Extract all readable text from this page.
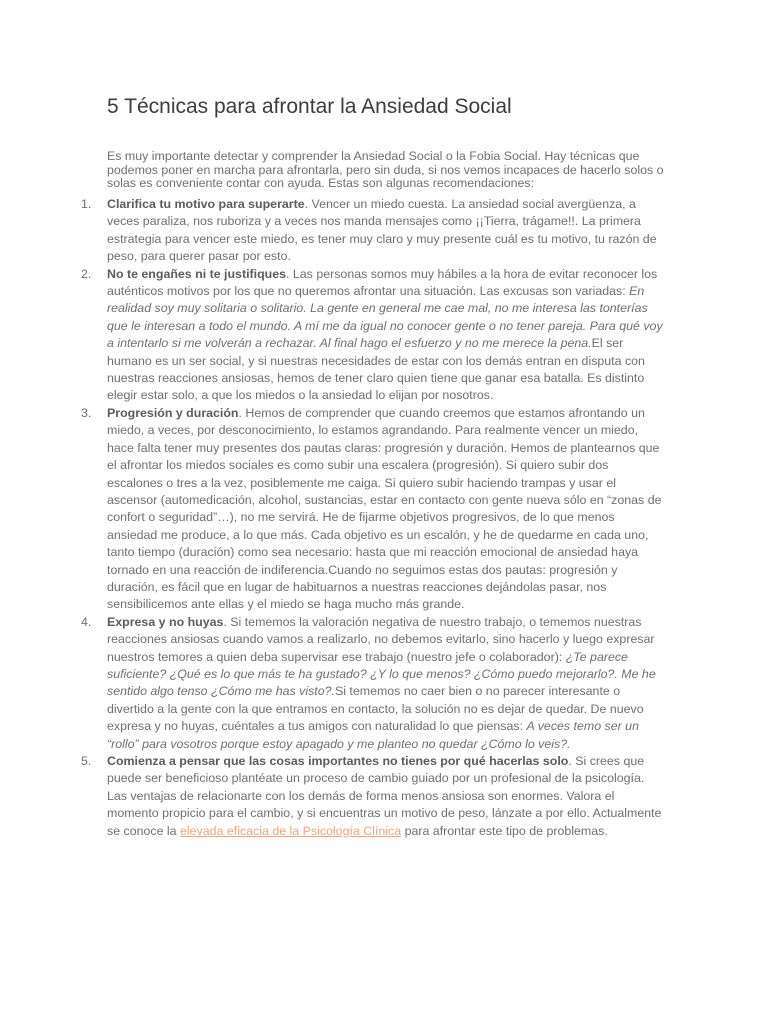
5 Técnicas para afrontar la Ansiedad Social

Es muy importante detectar y comprender la Ansiedad Social o la Fobia Social. Hay técnicas que podemos poner en marcha para afrontarla, pero sin duda, si nos vemos incapaces de hacerlo solos o solas es conveniente contar con ayuda. Estas son algunas recomendaciones:

1. Clarifica tu motivo para superarte. Vencer un miedo cuesta. La ansiedad social avergüenza, a veces paraliza, nos ruboriza y a veces nos manda mensajes como ¡¡Tierra, trágame!!. La primera estrategia para vencer este miedo, es tener muy claro y muy presente cuál es tu motivo, tu razón de peso, para querer pasar por esto.
2. No te engañes ni te justifiques. Las personas somos muy hábiles a la hora de evitar reconocer los auténticos motivos por los que no queremos afrontar una situación. Las excusas son variadas: En realidad soy muy solitaria o solitario. La gente en general me cae mal, no me interesa las tonterías que le interesan a todo el mundo. A mí me da igual no conocer gente o no tener pareja. Para qué voy a intentarlo si me volverán a rechazar. Al final hago el esfuerzo y no me merece la pena.El ser humano es un ser social, y si nuestras necesidades de estar con los demás entran en disputa con nuestras reacciones ansiosas, hemos de tener claro quien tiene que ganar esa batalla. Es distinto elegir estar solo, a que los miedos o la ansiedad lo elijan por nosotros.
3. Progresión y duración. Hemos de comprender que cuando creemos que estamos afrontando un miedo, a veces, por desconocimiento, lo estamos agrandando. Para realmente vencer un miedo, hace falta tener muy presentes dos pautas claras: progresión y duración. Hemos de plantearnos que el afrontar los miedos sociales es como subir una escalera (progresión). Si quiero subir dos escalones o tres a la vez, posiblemente me caiga. Si quiero subir haciendo trampas y usar el ascensor (automedicación, alcohol, sustancias, estar en contacto con gente nueva sólo en “zonas de confort o seguridad”…), no me servirá. He de fijarme objetivos progresivos, de lo que menos ansiedad me produce, a lo que más. Cada objetivo es un escalón, y he de quedarme en cada uno, tanto tiempo (duración) como sea necesario: hasta que mi reacción emocional de ansiedad haya tornado en una reacción de indiferencia.Cuando no seguimos estas dos pautas: progresión y duración, es fácil que en lugar de habituarnos a nuestras reacciones dejándolas pasar, nos sensibilicemos ante ellas y el miedo se haga mucho más grande.
4. Expresa y no huyas. Si tememos la valoración negativa de nuestro trabajo, o tememos nuestras reacciones ansiosas cuando vamos a realizarlo, no debemos evitarlo, sino hacerlo y luego expresar nuestros temores a quien deba supervisar ese trabajo (nuestro jefe o colaborador): ¿Te parece suficiente? ¿Qué es lo que más te ha gustado? ¿Y lo que menos? ¿Cómo puedo mejorarlo?. Me he sentido algo tenso ¿Cómo me has visto?.Si tememos no caer bien o no parecer interesante o divertido a la gente con la que entramos en contacto, la solución no es dejar de quedar. De nuevo expresa y no huyas, cuéntales a tus amigos con naturalidad lo que piensas: A veces temo ser un “rollo” para vosotros porque estoy apagado y me planteo no quedar ¿Cómo lo veis?.
5. Comienza a pensar que las cosas importantes no tienes por qué hacerlas solo. Si crees que puede ser beneficioso plantéate un proceso de cambio guiado por un profesional de la psicología. Las ventajas de relacionarte con los demás de forma menos ansiosa son enormes. Valora el momento propicio para el cambio, y si encuentras un motivo de peso, lánzate a por ello. Actualmente se conoce la elevada eficacia de la Psicología Clínica para afrontar este tipo de problemas.
